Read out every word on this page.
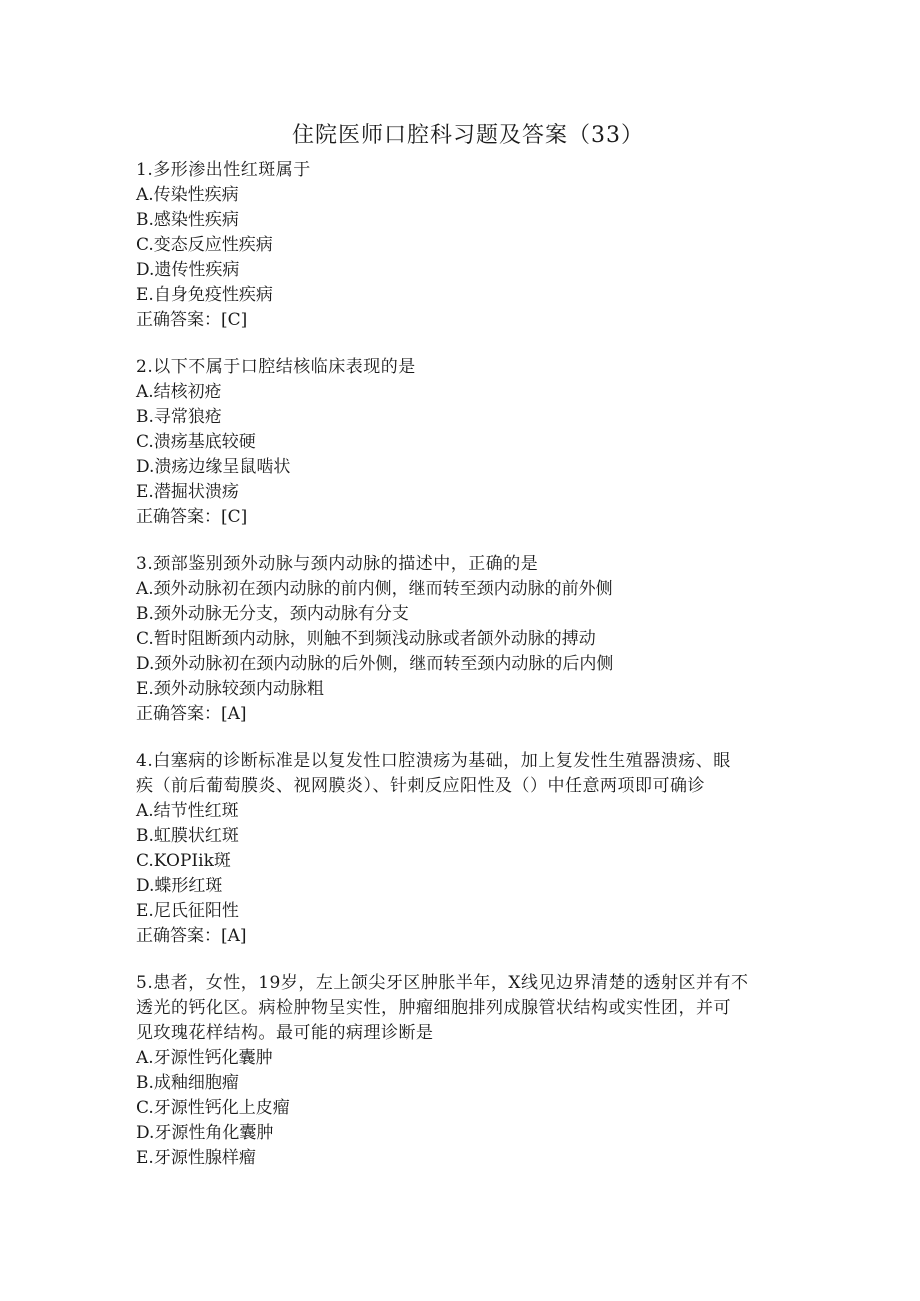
住院医师口腔科习题及答案（33）
1.多形渗出性红斑属于
A.传染性疾病
B.感染性疾病
C.变态反应性疾病
D.遗传性疾病
E.自身免疫性疾病
正确答案：[C]
2.以下不属于口腔结核临床表现的是
A.结核初疮
B.寻常狼疮
C.溃疡基底较硬
D.溃疡边缘呈鼠啮状
E.潜掘状溃疡
正确答案：[C]
3.颈部鉴别颈外动脉与颈内动脉的描述中，正确的是
A.颈外动脉初在颈内动脉的前内侧，继而转至颈内动脉的前外侧
B.颈外动脉无分支，颈内动脉有分支
C.暂时阻断颈内动脉，则触不到频浅动脉或者颌外动脉的搏动
D.颈外动脉初在颈内动脉的后外侧，继而转至颈内动脉的后内侧
E.颈外动脉较颈内动脉粗
正确答案：[A]
4.白塞病的诊断标准是以复发性口腔溃疡为基础，加上复发性生殖器溃疡、眼
疾（前后葡萄膜炎、视网膜炎）、针刺反应阳性及（）中任意两项即可确诊
A.结节性红斑
B.虹膜状红斑
C.KOPIik斑
D.蝶形红斑
E.尼氏征阳性
正确答案：[A]
5.患者，女性，19岁，左上颌尖牙区肿胀半年，X线见边界清楚的透射区并有不
透光的钙化区。病检肿物呈实性，肿瘤细胞排列成腺管状结构或实性团，并可
见玫瑰花样结构。最可能的病理诊断是
A.牙源性钙化囊肿
B.成釉细胞瘤
C.牙源性钙化上皮瘤
D.牙源性角化囊肿
E.牙源性腺样瘤
